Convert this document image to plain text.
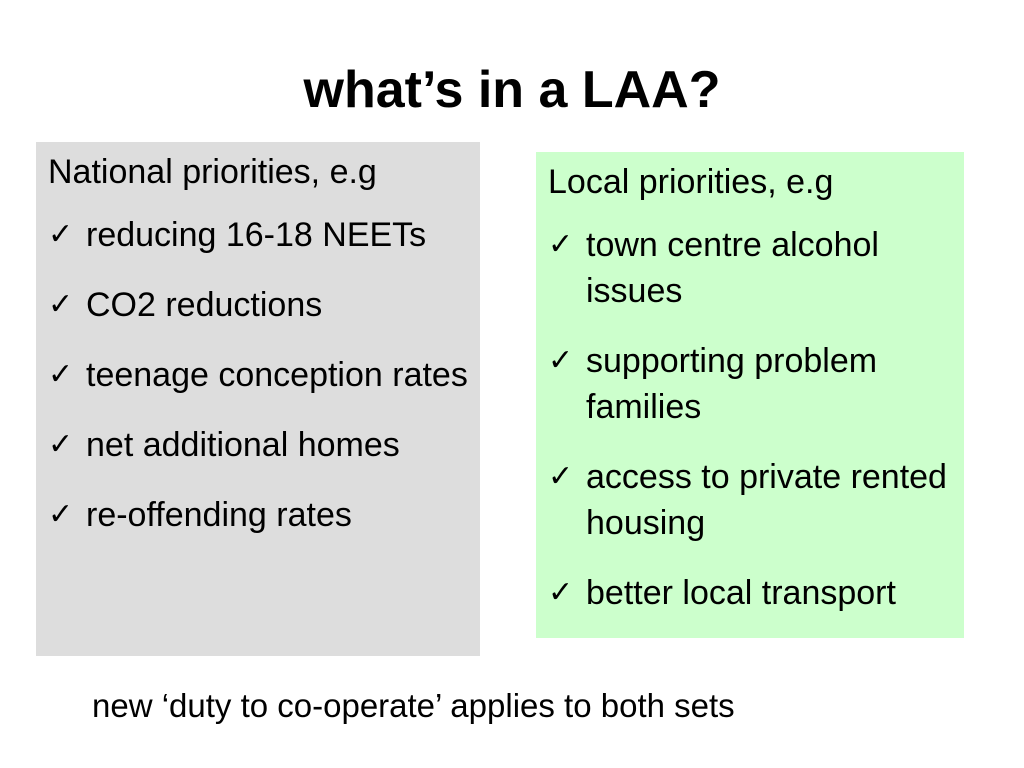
what’s in a LAA?
National priorities, e.g
✓ reducing 16-18 NEETs
✓ CO2 reductions
✓ teenage conception rates
✓ net additional homes
✓ re-offending rates
Local priorities, e.g
✓ town centre alcohol issues
✓ supporting problem families
✓ access to private rented housing
✓ better local transport
new ‘duty to co-operate’ applies to both sets
